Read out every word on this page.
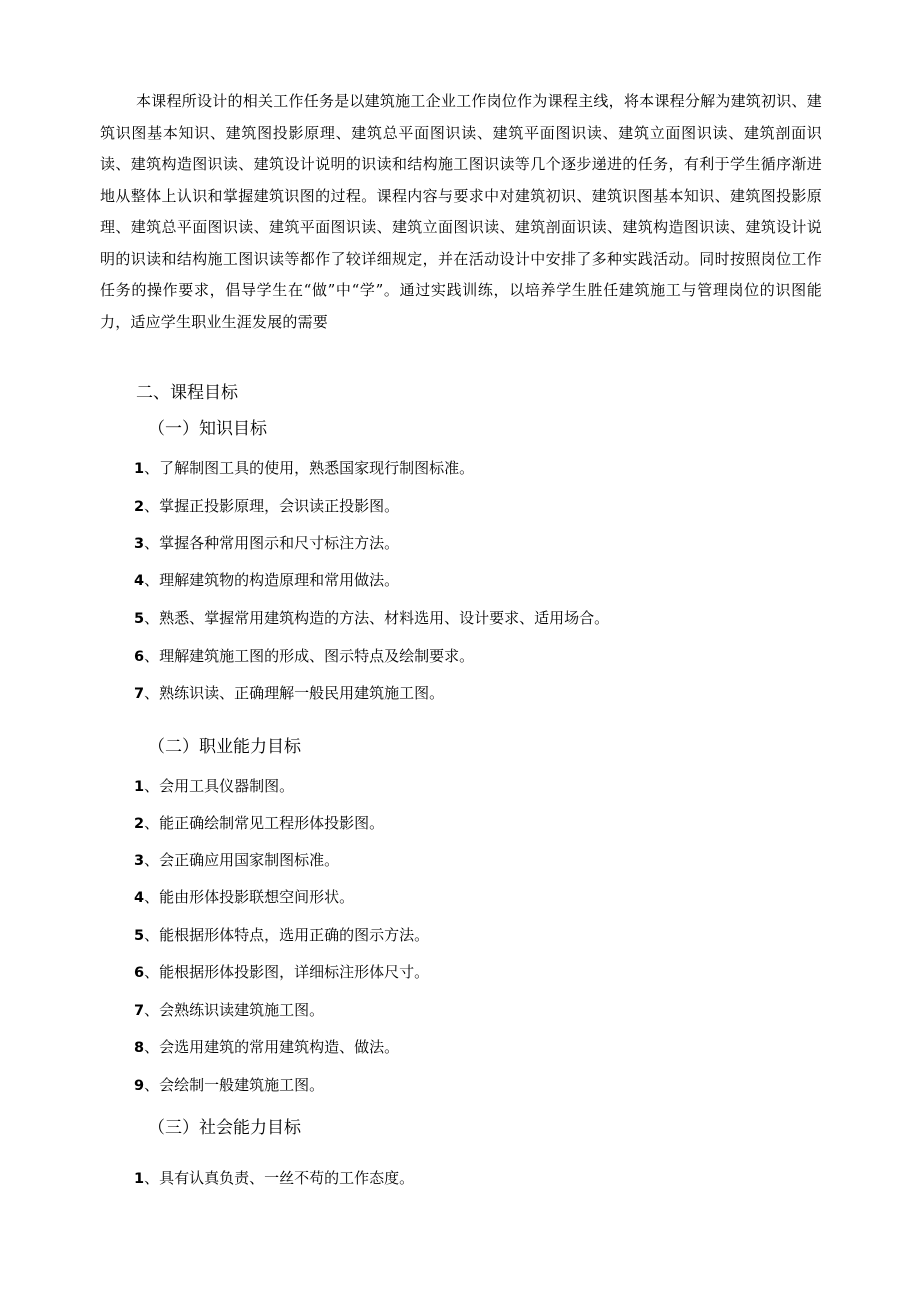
本课程所设计的相关工作任务是以建筑施工企业工作岗位作为课程主线，将本课程分解为建筑初识、建筑识图基本知识、建筑图投影原理、建筑总平面图识读、建筑平面图识读、建筑立面图识读、建筑剖面识读、建筑构造图识读、建筑设计说明的识读和结构施工图识读等几个逐步递进的任务，有利于学生循序渐进地从整体上认识和掌握建筑识图的过程。课程内容与要求中对建筑初识、建筑识图基本知识、建筑图投影原理、建筑总平面图识读、建筑平面图识读、建筑立面图识读、建筑剖面识读、建筑构造图识读、建筑设计说明的识读和结构施工图识读等都作了较详细规定，并在活动设计中安排了多种实践活动。同时按照岗位工作任务的操作要求，倡导学生在“做”中“学”。通过实践训练，以培养学生胜任建筑施工与管理岗位的识图能力，适应学生职业生涯发展的需要

二、课程目标

（一）知识目标

1、了解制图工具的使用，熟悉国家现行制图标准。

2、掌握正投影原理，会识读正投影图。

3、掌握各种常用图示和尺寸标注方法。

4、理解建筑物的构造原理和常用做法。

5、熟悉、掌握常用建筑构造的方法、材料选用、设计要求、适用场合。

6、理解建筑施工图的形成、图示特点及绘制要求。

7、熟练识读、正确理解一般民用建筑施工图。

（二）职业能力目标

1、会用工具仪器制图。

2、能正确绘制常见工程形体投影图。

3、会正确应用国家制图标准。

4、能由形体投影联想空间形状。

5、能根据形体特点，选用正确的图示方法。

6、能根据形体投影图，详细标注形体尺寸。

7、会熟练识读建筑施工图。

8、会选用建筑的常用建筑构造、做法。

9、会绘制一般建筑施工图。

（三）社会能力目标

1、具有认真负责、一丝不苟的工作态度。
